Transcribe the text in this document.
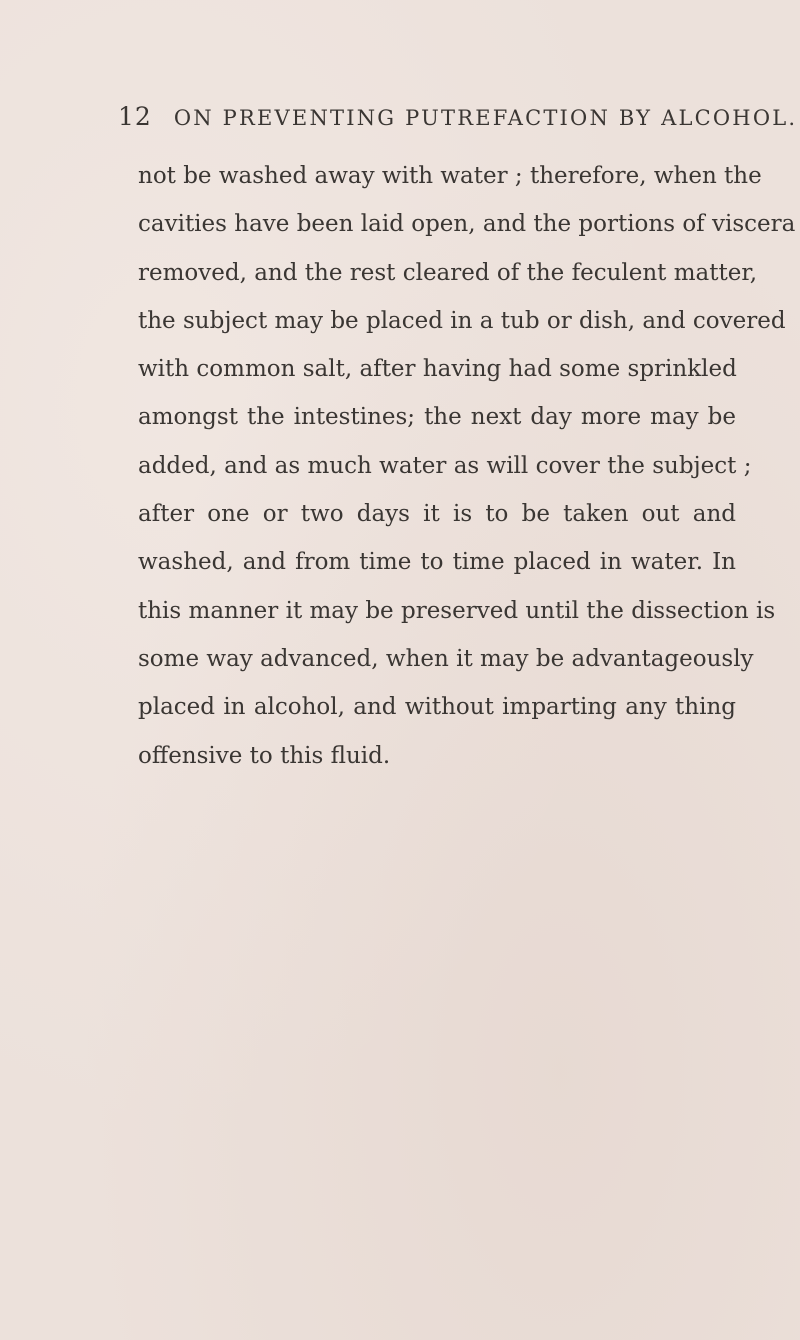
12 ON PREVENTING PUTREFACTION BY ALCOHOL.
not be washed away with water ; therefore, when the
cavities have been laid open, and the portions of viscera
removed, and the rest cleared of the feculent matter,
the subject may be placed in a tub or dish, and covered
with common salt, after having had some sprinkled
amongst the intestines; the next day more may be
added, and as much water as will cover the subject ;
after one or two days it is to be taken out and
washed, and from time to time placed in water. In
this manner it may be preserved until the dissection is
some way advanced, when it may be advantageously
placed in alcohol, and without imparting any thing
offensive to this fluid.
